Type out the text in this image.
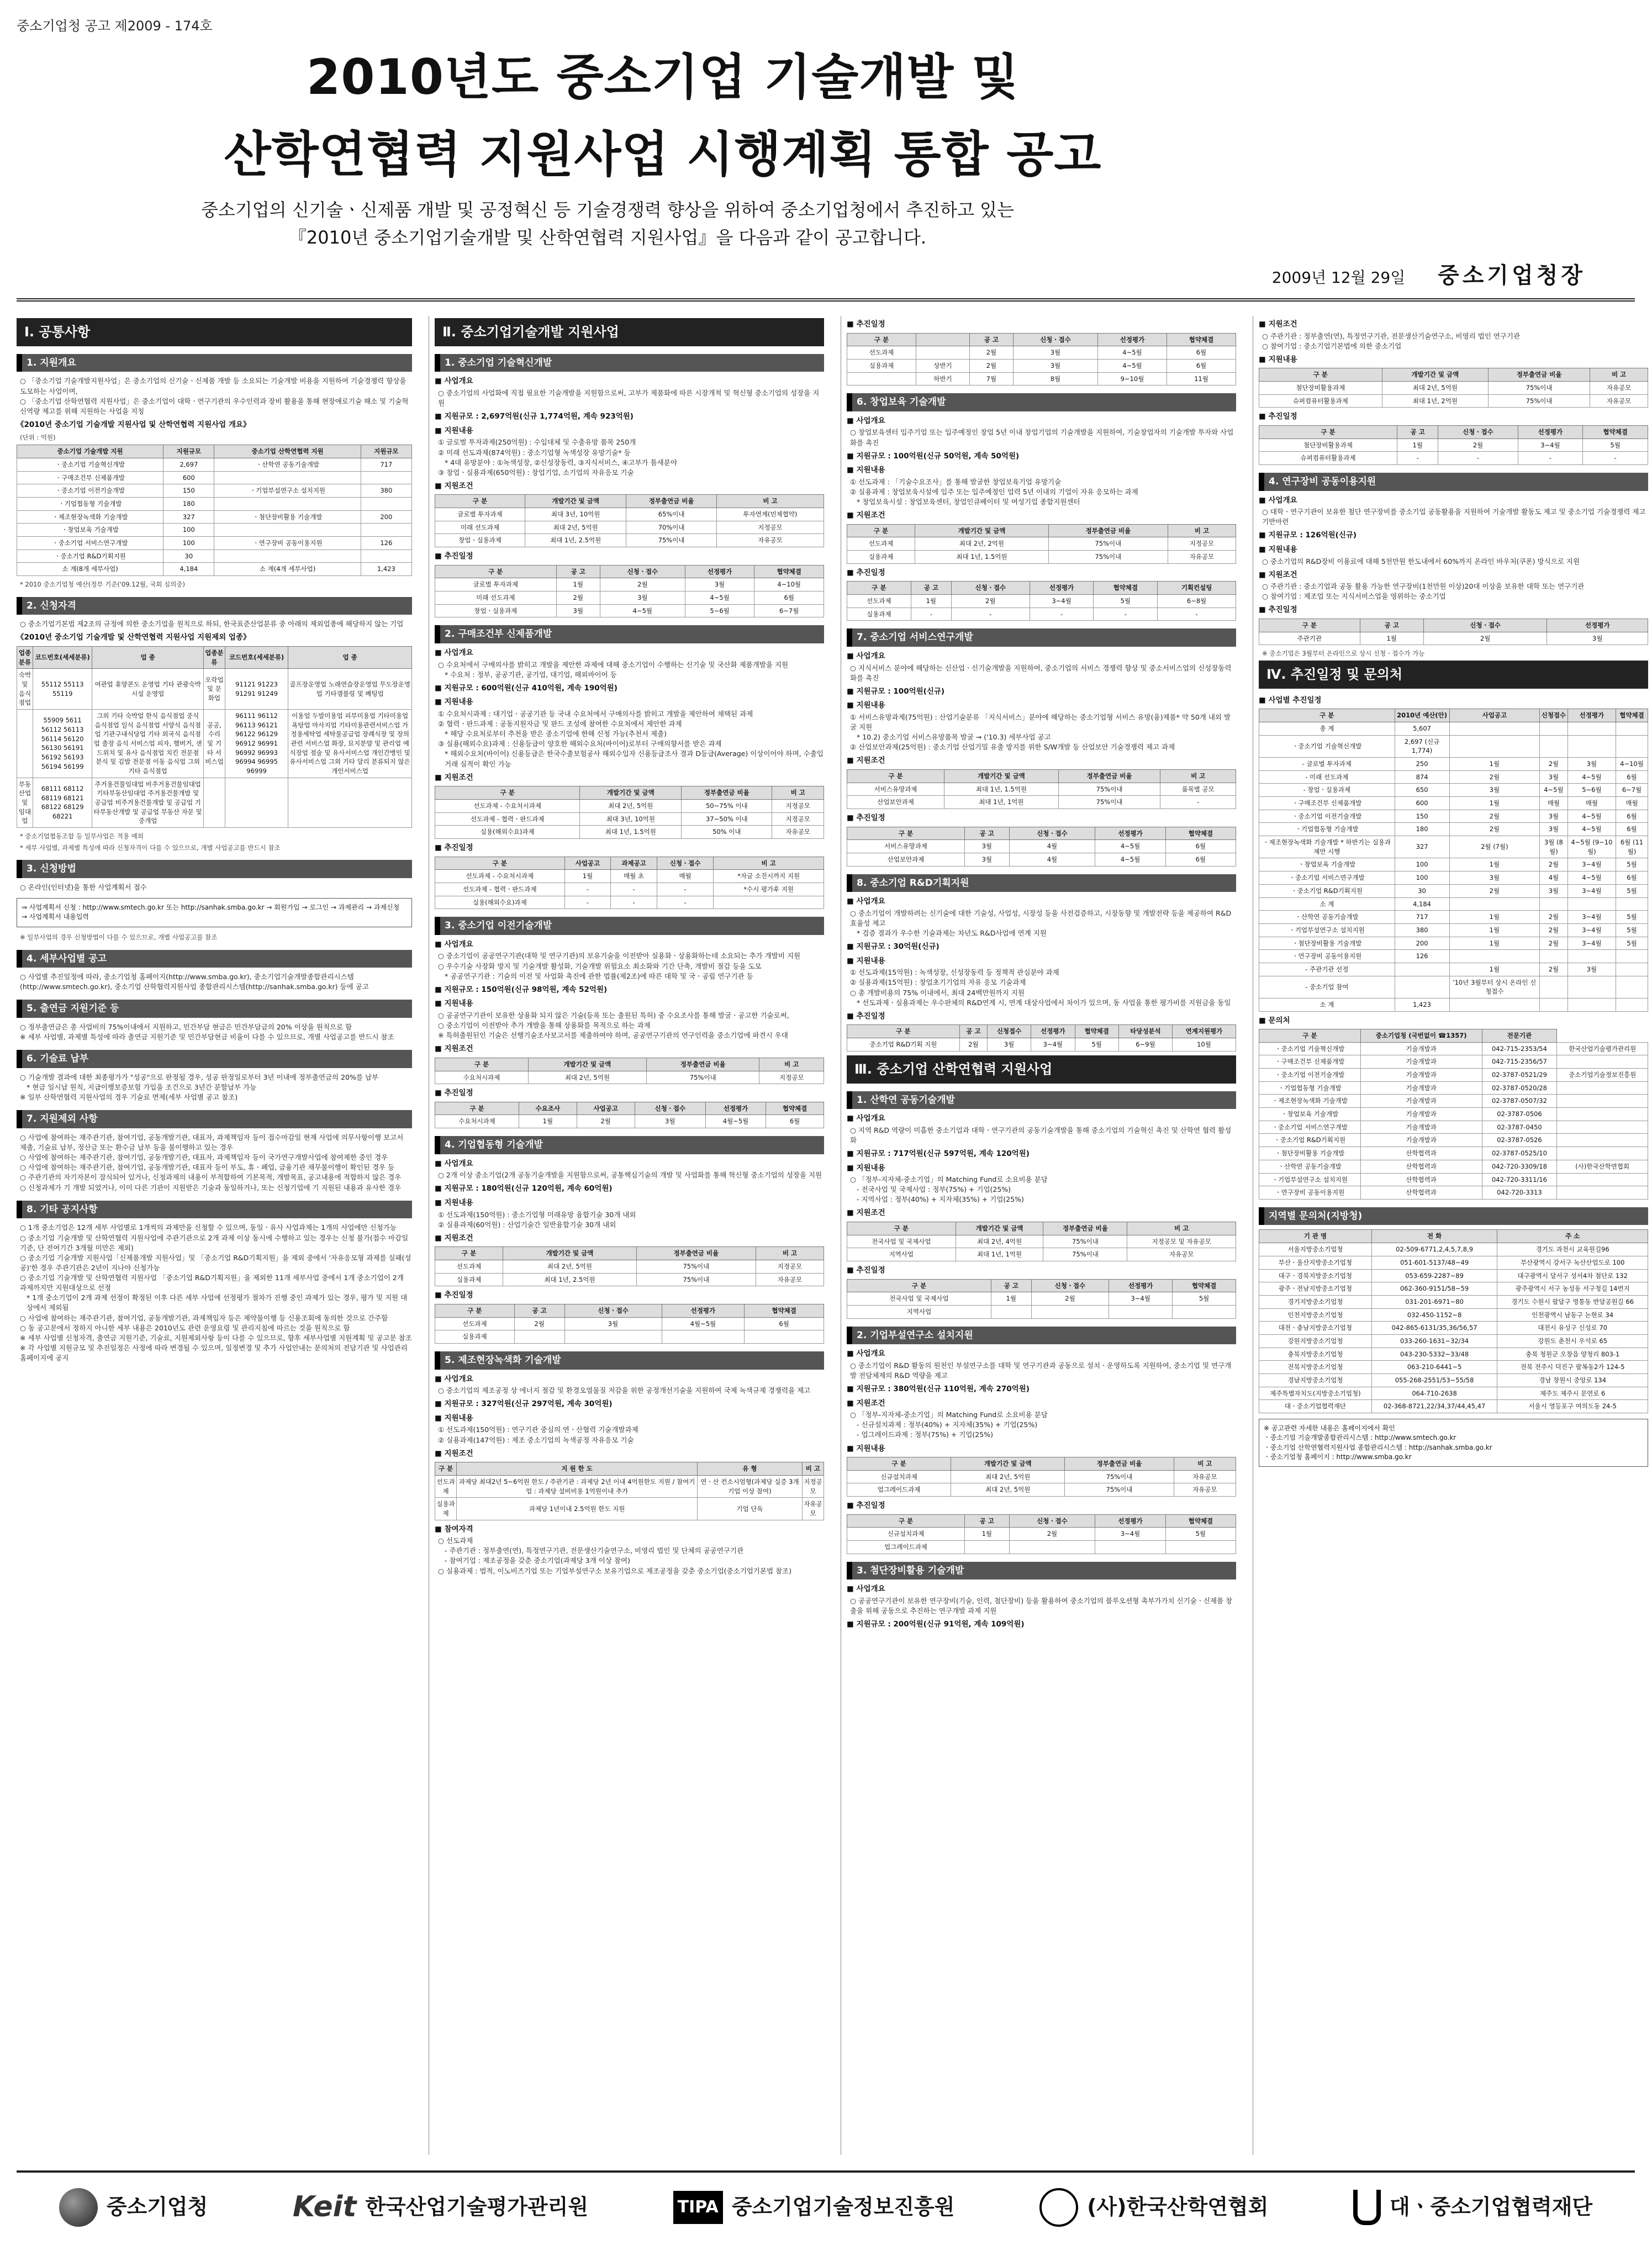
중소기업청 공고 제2009 - 174호
2010년도 중소기업 기술개발 및
산학연협력 지원사업 시행계획 통합 공고
중소기업의 신기술ㆍ신제품 개발 및 공정혁신 등 기술경쟁력 향상을 위하여 중소기업청에서 추진하고 있는
『2010년 중소기업기술개발 및 산학연협력 지원사업』을 다음과 같이 공고합니다.
2009년 12월 29일 중소기업청장
Ⅰ. 공통사항
1. 지원개요
○ 「중소기업 기술개발지원사업」은 중소기업의 신기술ㆍ신제품 개발 등 소요되는 기술개발 비용을 지원하여 기술경쟁력 향상을 도모하는 사업이며,
○ 「중소기업 산학연협력 지원사업」은 중소기업이 대학ㆍ연구기관의 우수인력과 장비 활용을 통해 현장애로기술 해소 및 기술혁신역량 제고를 위해 지원하는 사업을 지칭
《2010년 중소기업 기술개발 지원사업 및 산학연협력 지원사업 개요》
(단위 : 억원)
중소기업 기술개발 지원	지원규모	중소기업 산학연협력 지원	지원규모
ㆍ중소기업 기술혁신개발	2,697	ㆍ산학연 공동기술개발	717
ㆍ구매조건부 신제품개발	600		
ㆍ중소기업 이전기술개발	150	ㆍ기업부설연구소 설치지원	380
ㆍ기업협동형 기술개발	180		
ㆍ제조현장녹색화 기술개발	327	ㆍ첨단장비활용 기술개발	200
ㆍ창업보육 기술개발	100		
ㆍ중소기업 서비스연구개발	100	ㆍ연구장비 공동이용지원	126
ㆍ중소기업 R&D기획지원	30		
소 계(8개 세부사업)	4,184	소 계(4개 세부사업)	1,423
* 2010 중소기업청 예산(정부 기준('09.12월, 국회 심의중)
2. 신청자격
○ 중소기업기본법 제2조의 규정에 의한 중소기업을 원칙으로 하되, 한국표준산업분류 중 아래의 제외업종에 해당하지 않는 기업
《2010년 중소기업 기술개발 및 산학연협력 지원사업 지원제외 업종》
업종분류	코드번호(세세분류)	업 종	업종분류	코드번호(세세분류)	업 종
숙박 및 음식점업	55112 55113 55119	여관업 휴양콘도 운영업 기타 관광숙박시설 운영업	오락업 및 문화업	91121 91223 91291 91249	골프장운영업 노래연습장운영업 무도장운영업 기타갬블링 및 베팅업
	55909 5611 56112 56113 56114 56120 56130 56191 56192 56193 56194 56199	그외 기타 숙박업 한식 음식점업 중식 음식점업 일식 음식점업 서양식 음식점업 기관구내식당업 기타 외국식 음식점업 출장 음식 서비스업 피자, 햄버거, 샌드위치 및 유사 음식점업 치킨 전문점 분식 및 김밥 전문점 이동 음식업 그외 기타 음식점업	공공, 수리 및 기타 서비스업	96111 96112 96113 96121 96122 96129 96912 96991 96992 96993 96994 96995 96999	이용업 두발미용업 피부미용업 기타미용업 욕탕업 마사지업 기타미용관련서비스업 가정용세탁업 세탁물공급업 장례식장 및 장의관련 서비스업 화장, 묘지분양 및 관리업 예식장업 점술 및 유사서비스업 개인간병인 및 유사서비스업 그외 기타 달리 분류되지 않은 개인서비스업
부동산업 및 임대업	68111 68112 68119 68121 68122 68129 68221	주거용건물임대업 비주거용건물임대업 기타부동산임대업 주거용건물개발 및 공급업 비주거용건물개발 및 공급업 기타부동산개발 및 공급업 부동산 자문 및 중개업			
* 중소기업협동조합 등 일부사업은 적용 예외
* 세부 사업별, 과제별 특성에 따라 신청자격이 다를 수 있으므로, 개별 사업공고를 반드시 참조
3. 신청방법
○ 온라인(인터넷)을 통한 사업계획서 접수
⇒ 사업계획서 신청 : http://www.smtech.go.kr 또는 http://sanhak.smba.go.kr → 회원가입 → 로그인 → 과제관리 → 과제신청 → 사업계획서 내용입력
※ 일부사업의 경우 신청방법이 다를 수 있으므로, 개별 사업공고를 참조
4. 세부사업별 공고
○ 사업별 추진일정에 따라, 중소기업청 홈페이지(http://www.smba.go.kr), 중소기업기술개발종합관리시스템(http://www.smtech.go.kr), 중소기업 산학협력지원사업 종합관리시스템(http://sanhak.smba.go.kr) 등에 공고
5. 출연금 지원기준 등
○ 정부출연금은 총 사업비의 75%이내에서 지원하고, 민간부담 현금은 민간부담금의 20% 이상을 원칙으로 함
※ 세부 사업별, 과제별 특성에 따라 출연금 지원기준 및 민간부담현금 비율이 다를 수 있으므로, 개별 사업공고를 반드시 참조
6. 기술료 납부
○ 기술개발 결과에 대한 최종평가가 "성공"으로 판정될 경우, 성공 판정일로부터 3년 이내에 정부출연금의 20%를 납부
* 현금 일시납 원칙, 지급이행보증보험 가입을 조건으로 3년간 분할납부 가능
※ 일부 산학연협력 지원사업의 경우 기술료 면제(세부 사업별 공고 참조)
7. 지원제외 사항
○ 사업에 참여하는 재주관기관, 참여기업, 공동개발기관, 대표자, 과제책임자 등이 접수마감일 현재 사업에 의무사항이행 보고서 제출, 기술료 납부, 정산금 또는 환수금 납부 등을 불이행하고 있는 경우
○ 사업에 참여하는 재주관기관, 참여기업, 공동개발기관, 대표자, 과제책임자 등이 국가연구개발사업에 참여제한 중인 경우
○ 사업에 참여하는 재주관기관, 참여기업, 공동개발기관, 대표자 등이 부도, 휴ㆍ폐업, 금융기관 채무불이행이 확인된 경우 등
○ 주관기관의 자기자본이 잠식되어 있거나, 신청과제의 내용이 부적합하여 기본목적, 개발목표, 공고내용에 적합하지 않은 경우
○ 신청과제가 기 개발 되었거나, 이미 다른 기관이 지원받은 기술과 동일하거나, 또는 신청기업에 기 지원된 내용과 유사한 경우
8. 기타 공지사항
○ 1개 중소기업은 12개 세부 사업별로 1개씩의 과제만을 신청할 수 있으며, 동일ㆍ유사 사업과제는 1개의 사업에만 신청가능
○ 중소기업 기술개발 및 산학연협력 지원사업에 주관기관으로 2개 과제 이상 동시에 수행하고 있는 경우는 신청 불가(접수 마감일 기준, 단 전여기간 3개월 미만은 제외)
○ 중소기업 기술개발 지원사업「신제품개발 지원사업」및 「중소기업 R&D기획지원」을 제외 중에서 '자유응모형 과제를 실패(성공)'한 경우 주관기관은 2년이 지나야 신청가능
○ 중소기업 기술개발 및 산학연협력 지원사업 「중소기업 R&D기획지원」을 제외한 11개 세부사업 중에서 1개 중소기업이 2개 과제까지만 지원대상으로 선정
* 1개 중소기업이 2개 과제 선정이 확정된 이후 다른 세부 사업에 선정평가 절차가 진행 중인 과제가 있는 경우, 평가 및 지원 대상에서 제외됨
○ 사업에 참여하는 재주관기관, 참여기업, 공동개발기관, 과제책임자 등은 제약물이행 등 신용조회에 동의한 것으로 간주함
○ 동 공고문에서 정하지 아니한 세부 내용은 2010년도 관련 운영요령 및 관리지침에 따르는 것을 원칙으로 함
※ 세부 사업별 신청자격, 출연금 지원기준, 기술료, 지원제외사항 등이 다를 수 있으므로, 향후 세부사업별 지원계획 및 공고문 참조
※ 각 사업별 지원규모 및 추진일정은 사정에 따라 변경될 수 있으며, 일정변경 및 추가 사업안내는 문의처의 전담기관 및 사업관리 홈페이지에 공지
Ⅱ. 중소기업기술개발 지원사업
1. 중소기업 기술혁신개발
■ 사업개요
○ 중소기업의 사업화에 직접 필요한 기술개발을 지원함으로써, 고부가 제품화에 따른 시장개척 및 혁신형 중소기업의 성장을 지원
■ 지원규모 : 2,697억원(신규 1,774억원, 계속 923억원)
■ 지원내용
① 글로벌 투자과제(250억원) : 수입대체 및 수출유망 품목 250개
② 미래 선도과제(874억원) : 중소기업형 녹색성장 유망기술* 등
* 4대 유망분야 : ①녹색성장, ②신성장동력, ③지식서비스, ④고부가 틈새분야
③ 창업ㆍ실용과제(650억원) : 창업기업, 소기업의 자유응모 기술
■ 지원조건
구 분	개발기간 및 금액	정부출연금 비율	비 고
글로벌 투자과제	최대 3년, 10억원	65%이내	투자연계(민제협약)
미래 선도과제	최대 2년, 5억원	70%이내	지정공모
창업ㆍ실용과제	최대 1년, 2.5억원	75%이내	자유공모
■ 추진일정
구 분	공 고	신청ㆍ접수	선정평가	협약체결
글로벌 투자과제	1월	2월	3월	4~10월
미래 선도과제	2월	3월	4~5월	6월
창업ㆍ실용과제	3월	4~5월	5~6월	6~7월
2. 구매조건부 신제품개발
■ 사업개요
○ 수요처에서 구매의사를 밝히고 개발을 제안한 과제에 대해 중소기업이 수행하는 신기술 및 국산화 제품개발을 지원
* 수요처 : 정부, 공공기관, 공기업, 대기업, 해외바이어 등
■ 지원규모 : 600억원(신규 410억원, 계속 190억원)
■ 지원내용
① 수요처시과제 : 대기업ㆍ공공기관 등 국내 수요처에서 구매의사를 밝히고 개발을 제안하여 채택된 과제
② 협력ㆍ판드과제 : 공동지원자금 및 판드 조성에 참여한 수요처에서 제안한 과제
* 해당 수요처로부터 추천을 받은 중소기업에 한해 신청 가능(추천서 제출)
③ 실용(해외수요)과제 : 신용등급이 양호한 해외수요처(바이어)로부터 구매의향서를 받은 과제
* 해외수요처(바이어) 신용등급은 한국수출보험공사 해외수입자 신용등급조사 결과 D등급(Average) 이상이어야 하며, 수출입거래 실적이 확인 가능
■ 지원조건
구 분	개발기간 및 금액	정부출연금 비율	비 고
선도과제 - 수요처시과제	최대 2년, 5억원	50~75% 이내	지정공모
선도과제 - 협력ㆍ판드과제	최대 3년, 10억원	37~50% 이내	지정공모
실용(해외수요)과제	최대 1년, 1.5억원	50% 이내	자유공모
■ 추진일정
구 분	사업공고	과제공고	신청ㆍ접수	비 고
선도과제 - 수요처시과제	1월	매월 초	매월	*자금 소진시까지 지원
선도과제 - 협력ㆍ판드과제	-	-	-	*수시 평가후 지원
실용(해외수요)과제	-	-	-	
3. 중소기업 이전기술개발
■ 사업개요
○ 중소기업이 공공연구기관(대학 및 연구기관)의 보유기술을 이전받아 실용화ㆍ상용화하는데 소요되는 추가 개발비 지원
○ 우수기술 사장화 방지 및 기술개발 활성화, 기술개발 위험요소 최소화와 기간 단축, 개발비 절감 등을 도모
* 공공연구기관 : 기술의 이전 및 사업화 촉진에 관한 법률(제2조)에 따른 대학 및 국ㆍ공립 연구기관 등
■ 지원규모 : 150억원(신규 98억원, 계속 52억원)
■ 지원내용
○ 공공연구기관이 보유한 상용화 되지 않은 기술(등록 또는 출원된 특허) 중 수요조사를 통해 발굴ㆍ공고한 기술로써,
○ 중소기업이 이전받아 추가 개발을 통해 상용화를 목적으로 하는 과제
※ 특허출원된인 기술은 선행기술조사보고서를 제출하여야 하며, 공공연구기관의 연구인력을 중소기업에 파견시 우대
■ 지원조건
구 분	개발기간 및 금액	정부출연금 비율	비 고
수요처시과제	최대 2년, 5억원	75%이내	지정공모
■ 추진일정
구 분	수요조사	사업공고	신청ㆍ접수	선정평가	협약체결
수요처시과제	1월	2월	3월	4월~5월	6월
4. 기업협동형 기술개발
■ 사업개요
○ 2개 이상 중소기업(2개 공동기술개발을 지원함으로써, 공통핵심기술의 개발 및 사업화를 통해 혁신형 중소기업의 성장을 지원
■ 지원규모 : 180억원(신규 120억원, 계속 60억원)
■ 지원내용
① 선도과제(150억원) : 중소기업형 미래유망 융합기술 30개 내외
② 실용과제(60억원) : 산업기술간 일반융합기술 30개 내외
■ 지원조건
구 분	개발기간 및 금액	정부출연금 비율	비 고
선도과제	최대 2년, 5억원	75%이내	지정공모
실용과제	최대 1년, 2.5억원	75%이내	자유공모
■ 추진일정
구 분	공 고	신청ㆍ접수	선정평가	협약체결
선도과제	2월	3월	4월~5월	6월
실용과제				
5. 제조현장녹색화 기술개발
■ 사업개요
○ 중소기업의 제조공정 상 에너지 절감 및 환경오염물질 저감을 위한 공정개선기술을 지원하여 국제 녹색규제 경쟁력을 제고
■ 지원규모 : 327억원(신규 297억원, 계속 30억원)
■ 지원내용
① 선도과제(150억원) : 연구기관 중심의 연ㆍ산협력 기술개발과제
② 실용과제(147억원) : 제조 중소기업의 녹색공정 자유응모 기술
■ 지원조건
구 분	지 원 한 도	유 형	비 고
선도과제	과제당 최대2년 5~6억원 한도 / 주관기관 : 과제당 2년 이내 4억원한도 지원 / 참여기업 : 과제당 설비비용 1억원이내 추가	연ㆍ산 컨소시엄형(과제당 실증 3개 기업 이상 참여)	지정공모
실용과제	과제당 1년이내 2.5억원 한도 지원	기업 단독	자유공모
■ 참여자격
○ 선도과제
- 주관기관 : 정부출연(연), 특정연구기관, 전문생산기술연구소, 비영리 법인 및 단체의 공공연구기관
- 참여기업 : 제조공정을 갖춘 중소기업(과제당 3개 이상 참여)
○ 실용과제 : 법적, 이노비즈기업 또는 기업부설연구소 보유기업으로 제조공정을 갖춘 중소기업(중소기업기본법 참조)
■ 추진일정
구 분		공 고	신청ㆍ접수	선정평가	협약체결
선도과제		2월	3월	4~5월	6월
실용과제	상반기	2월	3월	4~5월	6월
	하반기	7월	8월	9~10월	11월
6. 창업보육 기술개발
■ 사업개요
○ 창업보육센터 입주기업 또는 입주예정인 창업 5년 이내 창업기업의 기술개발을 지원하여, 기술창업자의 기술개발 투자와 사업화를 촉진
■ 지원규모 : 100억원(신규 50억원, 계속 50억원)
■ 지원내용
① 선도과제 : 「기술수요조사」를 통해 발굴한 창업보육기업 유망기술
② 실용과제 : 창업보육시설에 입주 또는 입주예정인 업력 5년 이내의 기업이 자유 응모하는 과제
* 창업보육시설 : 창업보육센터, 창업인큐베이터 및 여성기업 종합지원센터
■ 지원조건
구 분	개발기간 및 금액	정부출연금 비율	비 고
선도과제	최대 2년, 2억원	75%이내	지정공모
실용과제	최대 1년, 1.5억원	75%이내	자유공모
■ 추진일정
구 분	공 고	신청ㆍ접수	선정평가	협약체결	기획컨설팅
선도과제	1월	2월	3~4월	5월	6~8월
실용과제	-	-	-	-	-
7. 중소기업 서비스연구개발
■ 사업개요
○ 지식서비스 분야에 해당하는 신산업ㆍ신기술개발을 지원하여, 중소기업의 서비스 경쟁력 향상 및 중소서비스업의 신성장동력화를 촉진
■ 지원규모 : 100억원(신규)
■ 지원내용
① 서비스유망과제(75억원) : 산업기술분류 「지식서비스」분야에 해당하는 중소기업형 서비스 유망(융)제품* 약 50개 내외 발굴 지원
* 10.2) 중소기업 서비스유망품목 발굴 → ('10.3) 세부사업 공고
② 산업보안과제(25억원) : 중소기업 산업기밀 유출 방지를 위한 S/W개발 등 산업보안 기술경쟁력 제고 과제
■ 지원조건
구 분	개발기간 및 금액	정부출연금 비율	비 고
서비스유망과제	최대 1년, 1.5억원	75%이내	품목별 공모
산업보안과제	최대 1년, 1억원	75%이내	-
■ 추진일정
구 분	공 고	신청ㆍ접수	선정평가	협약체결
서비스유망과제	3월	4월	4~5월	6월
산업보안과제	3월	4월	4~5월	6월
8. 중소기업 R&D기획지원
■ 사업개요
○ 중소기업이 개발하려는 신기술에 대한 기술성, 사업성, 시장성 등을 사전검증하고, 시장동향 및 개발전략 등을 제공하여 R&D효율성 제고
* 검증 결과가 우수한 기술과제는 차년도 R&D사업에 연계 지원
■ 지원규모 : 30억원(신규)
■ 지원내용
① 선도과제(15억원) : 녹색성장, 신성장동력 등 정책적 관심분야 과제
② 실용과제(15억원) : 창업초기기업의 자유 응모 기술과제
○ 총 개발비용의 75% 이내에서, 최대 24백만원까지 지원
* 선도과제ㆍ실용과제는 우수판체의 R&D연계 시, 연계 대상사업에서 차이가 있으며, 동 사업을 통한 평가비를 지원금을 동일
■ 추진일정
구 분	공 고	신청접수	선정평가	협약체결	타당성분석	연계지원평가
중소기업 R&D기획 지원	2월	3월	3~4월	5월	6~9월	10월
Ⅲ. 중소기업 산학연협력 지원사업
1. 산학연 공동기술개발
■ 사업개요
○ 지역 R&D 역량이 미흡한 중소기업과 대학ㆍ연구기관의 공동기술개발을 통해 중소기업의 기술혁신 촉진 및 산학연 협력 활성화
■ 지원규모 : 717억원(신규 597억원, 계속 120억원)
■ 지원내용
○ 「정부-지자체-중소기업」의 Matching Fund로 소요비용 분담
- 전국사업 및 국제사업 : 정부(75%) + 기업(25%)
- 지역사업 : 정부(40%) + 지자체(35%) + 기업(25%)
■ 지원조건
구 분	개발기간 및 금액	정부출연금 비율	비 고
전국사업 및 국제사업	최대 2년, 4억원	75%이내	지정공모 및 자유공모
지역사업	최대 1년, 1억원	75%이내	자유공모
■ 추진일정
구 분	공 고	신청ㆍ접수	선정평가	협약체결
전국사업 및 국제사업	1월	2월	3~4월	5월
지역사업				
2. 기업부설연구소 설치지원
■ 사업개요
○ 중소기업이 R&D 활동의 원천인 부설연구소를 대학 및 연구기관과 공동으로 설치ㆍ운영하도록 지원하여, 중소기업 및 연구개발 전담체제의 R&D 역량을 제고
■ 지원규모 : 380억원(신규 110억원, 계속 270억원)
■ 지원조건
○ 「정부-지자체-중소기업」의 Matching Fund로 소요비용 분담
- 신규설치과제 : 정부(40%) + 지자체(35%) + 기업(25%)
- 업그레이드과제 : 정부(75%) + 기업(25%)
■ 지원내용
구 분	개발기간 및 금액	정부출연금 비율	비 고
신규설치과제	최대 2년, 5억원	75%이내	자유공모
업그레이드과제	최대 2년, 5억원	75%이내	자유공모
■ 추진일정
구 분	공 고	신청ㆍ접수	선정평가	협약체결
신규설치과제	1월	2월	3~4월	5월
업그레이드과제				
3. 첨단장비활용 기술개발
■ 사업개요
○ 공공연구기관이 보유한 연구장비(기술, 인력, 첨단장비) 등을 활용하여 중소기업의 블루오션형 촉부가가치 신기술ㆍ신제품 창출을 위해 공동으로 추진하는 연구개발 과제 지원
■ 지원규모 : 200억원(신규 91억원, 계속 109억원)
■ 지원조건
○ 주관기관 : 정부출연(연), 특정연구기관, 전문생산기술연구소, 비영리 법인 연구기관
○ 참여기업 : 중소기업기본법에 의한 중소기업
■ 지원내용
구 분	개발기간 및 금액	정부출연금 비율	비 고
첨단장비활용과제	최대 2년, 5억원	75%이내	자유공모
슈퍼컴퓨터활용과제	최대 1년, 2억원	75%이내	자유공모
■ 추진일정
구 분	공 고	신청ㆍ접수	선정평가	협약체결
첨단장비활용과제	1월	2월	3~4월	5월
슈퍼컴퓨터활용과제	-	-	-	-
4. 연구장비 공동이용지원
■ 사업개요
○ 대학ㆍ연구기관이 보유한 첨단 연구장비를 중소기업 공동활용을 지원하여 기술개발 활동도 제고 및 중소기업 기술경쟁력 제고 기반마련
■ 지원규모 : 126억원(신규)
■ 지원내용
○ 중소기업의 R&D장비 이용료에 대해 5천만원 한도내에서 60%까지 온라인 바우처(쿠폰) 방식으로 지원
■ 지원조건
○ 주관기관 : 중소기업과 공동 활용 가능한 연구장비(1천만원 이상)20대 이상을 보유한 대학 또는 연구기관
○ 참여기업 : 제조업 또는 지식서비스업을 영위하는 중소기업
■ 추진일정
구 분	공 고	신청ㆍ접수	선정평가
주관기관	1월	2월	3월
※ 중소기업은 3월부터 온라인으로 상시 신청ㆍ접수가 가능
Ⅳ. 추진일정 및 문의처
■ 사업별 추진일정
구 분	2010년 예산(안)	사업공고	신청접수	선정평가	협약체결
총 계	5,607				
ㆍ중소기업 기술혁신개발	2,697 (신규 1,774)				
- 글로벌 투자과제	250	1월	2월	3월	4~10월
- 미래 선도과제	874	2월	3월	4~5월	6월
- 창업ㆍ실용과제	650	3월	4~5월	5~6월	6~7월
ㆍ구매조건부 신제품개발	600	1월	매월	매월	매월
ㆍ중소기업 이전기술개발	150	2월	3월	4~5월	6월
ㆍ기업협동형 기술개발	180	2월	3월	4~5월	6월
ㆍ제조현장녹색화 기술개발 * 하반기는 실용과제만 시행	327	2월 (7월)	3월 (8월)	4~5월 (9~10월)	6월 (11월)
ㆍ창업보육 기술개발	100	1월	2월	3~4월	5월
ㆍ중소기업 서비스연구개발	100	3월	4월	4~5월	6월
ㆍ중소기업 R&D기획지원	30	2월	3월	3~4월	5월
소 계	4,184				
ㆍ산학연 공동기술개발	717	1월	2월	3~4월	5월
ㆍ기업부설연구소 설치지원	380	1월	2월	3~4월	5월
ㆍ첨단장비활용 기술개발	200	1월	2월	3~4월	5월
ㆍ연구장비 공동이용지원	126				
- 주관기관 선정		1월	2월	3월	
- 중소기업 참여		'10년 3월부터 상시 온라인 신청접수			
소 계	1,423				
■ 문의처
구 분	중소기업청 (국번없이 ☎1357)	전문기관	
ㆍ중소기업 기술혁신개발	기술개발과	042-715-2353/54	한국산업기술평가관리원
ㆍ구매조건부 신제품개발	기술개발과	042-715-2356/57	
ㆍ중소기업 이전기술개발	기술개발과	02-3787-0521/29	중소기업기술정보진흥원
ㆍ기업협동형 기술개발	기술개발과	02-3787-0520/28	
ㆍ제조현장녹색화 기술개발	기술개발과	02-3787-0507/32	
ㆍ창업보육 기술개발	기술개발과	02-3787-0506	
ㆍ중소기업 서비스연구개발	기술개발과	02-3787-0450	
ㆍ중소기업 R&D기획지원	기술개발과	02-3787-0526	
ㆍ첨단장비활용 기술개발	산학협력과	02-3787-0525/10	
ㆍ산학연 공동기술개발	산학협력과	042-720-3309/18	(사)한국산학연협회
ㆍ기업부설연구소 설치지원	산학협력과	042-720-3311/16	
ㆍ연구장비 공동이용지원	산학협력과	042-720-3313	
지역별 문의처(지방청)
기 관 명	전 화	주 소
서울지방중소기업청	02-509-6771,2,4,5,7,8,9	경기도 과천시 교육원길96
부산ㆍ울산지방중소기업청	051-601-5137/48~49	부산광역시 강서구 녹산산업도로 100
대구ㆍ경북지방중소기업청	053-659-2287~89	대구광역시 달서구 성서4차 첨단로 132
광주ㆍ전남지방중소기업청	062-360-9151/58~59	광주광역시 서구 농성동 서구청길 14번지
경기지방중소기업청	031-201-6971~80	경기도 수원시 팔달구 영통동 반달공원길 66
인천지방중소기업청	032-450-1152~8	인천광역시 남동구 논현로 34
대전ㆍ충남지방중소기업청	042-865-6131/35,36/56,57	대전시 유성구 신성로 70
강원지방중소기업청	033-260-1631~32/34	강원도 춘천시 우석로 65
충북지방중소기업청	043-230-5332~33/48	충북 청원군 오창읍 양청리 803-1
전북지방중소기업청	063-210-6441~5	전북 전주시 덕진구 팔복동2가 124-5
경남지방중소기업청	055-268-2551/53~55/58	경남 창원시 중앙로 134
제주특별자치도(지방중소기업청)	064-710-2638	제주도 제주시 문연로 6
대ㆍ중소기업협력재단	02-368-8721,22/34,37/44,45,47	서울시 영등포구 여의도동 24-5
※ 공고관련 자세한 내용은 홈페이지에서 확인
ㆍ중소기업 기술개발종합관리시스템 : http://www.smtech.go.kr
ㆍ중소기업 산학연협력지원사업 종합관리시스템 : http://sanhak.smba.go.kr
ㆍ중소기업청 홈페이지 : http://www.smba.go.kr
중소기업청	Keit 한국산업기술평가관리원	TIPA 중소기업기술정보진흥원	(사)한국산학연협회	대ㆍ중소기업협력재단
